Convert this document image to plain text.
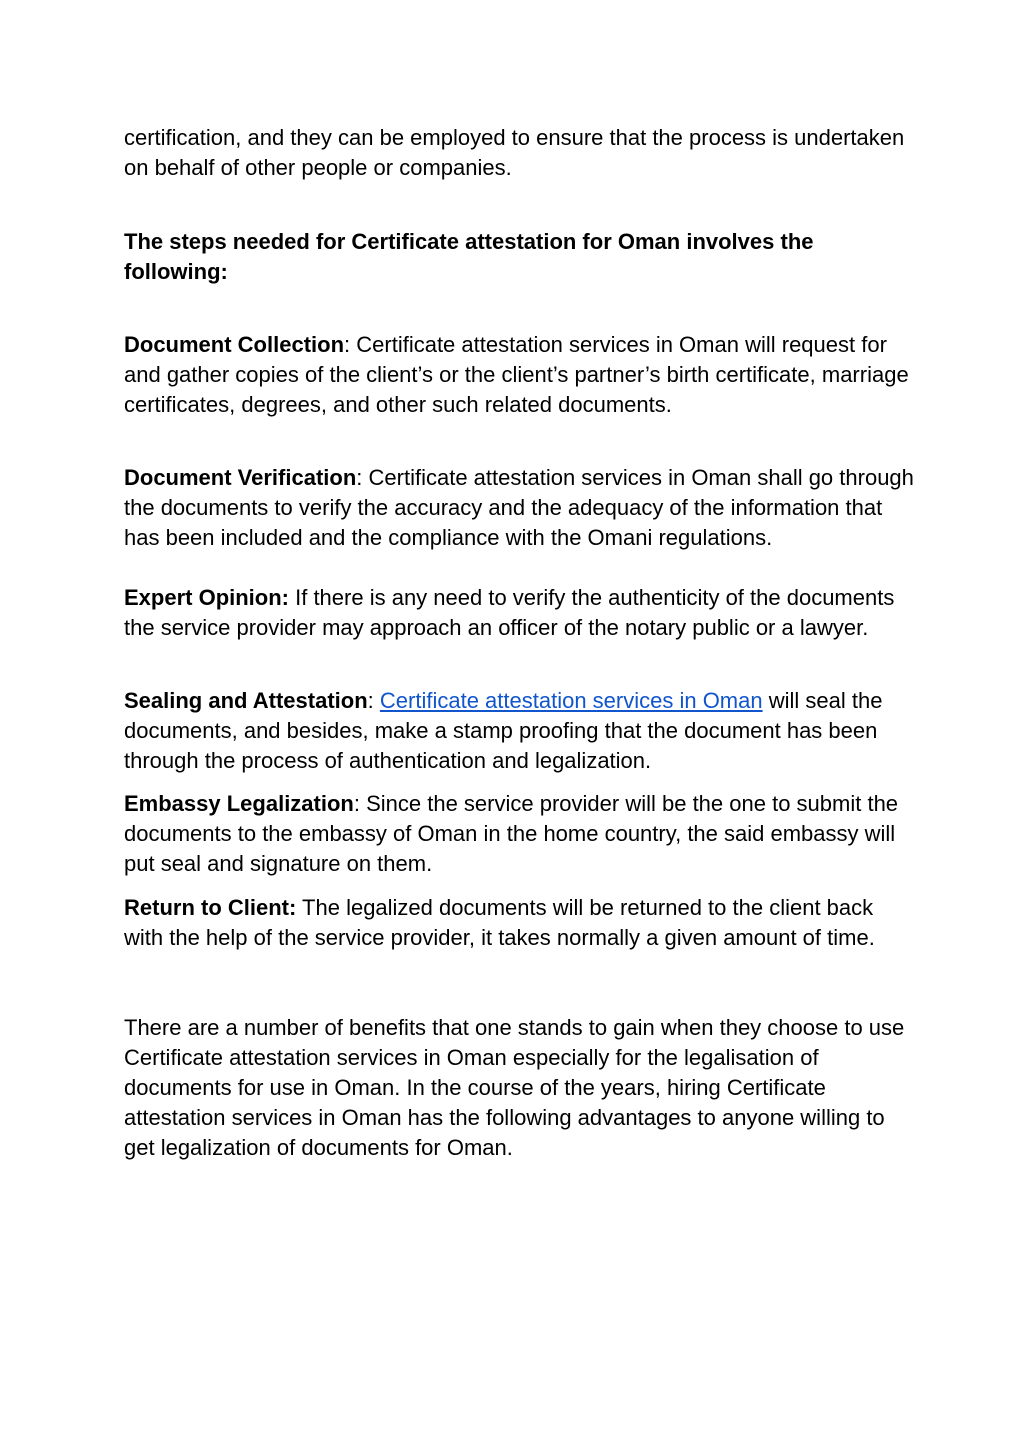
certification, and they can be employed to ensure that the process is undertaken on behalf of other people or companies.

The steps needed for Certificate attestation for Oman involves the following:

Document Collection: Certificate attestation services in Oman will request for and gather copies of the client’s or the client’s partner’s birth certificate, marriage certificates, degrees, and other such related documents.

Document Verification: Certificate attestation services in Oman shall go through the documents to verify the accuracy and the adequacy of the information that has been included and the compliance with the Omani regulations.

Expert Opinion: If there is any need to verify the authenticity of the documents the service provider may approach an officer of the notary public or a lawyer.

Sealing and Attestation: Certificate attestation services in Oman will seal the documents, and besides, make a stamp proofing that the document has been through the process of authentication and legalization.

Embassy Legalization: Since the service provider will be the one to submit the documents to the embassy of Oman in the home country, the said embassy will put seal and signature on them.

Return to Client: The legalized documents will be returned to the client back with the help of the service provider, it takes normally a given amount of time.

There are a number of benefits that one stands to gain when they choose to use Certificate attestation services in Oman especially for the legalisation of documents for use in Oman. In the course of the years, hiring Certificate attestation services in Oman has the following advantages to anyone willing to get legalization of documents for Oman.
